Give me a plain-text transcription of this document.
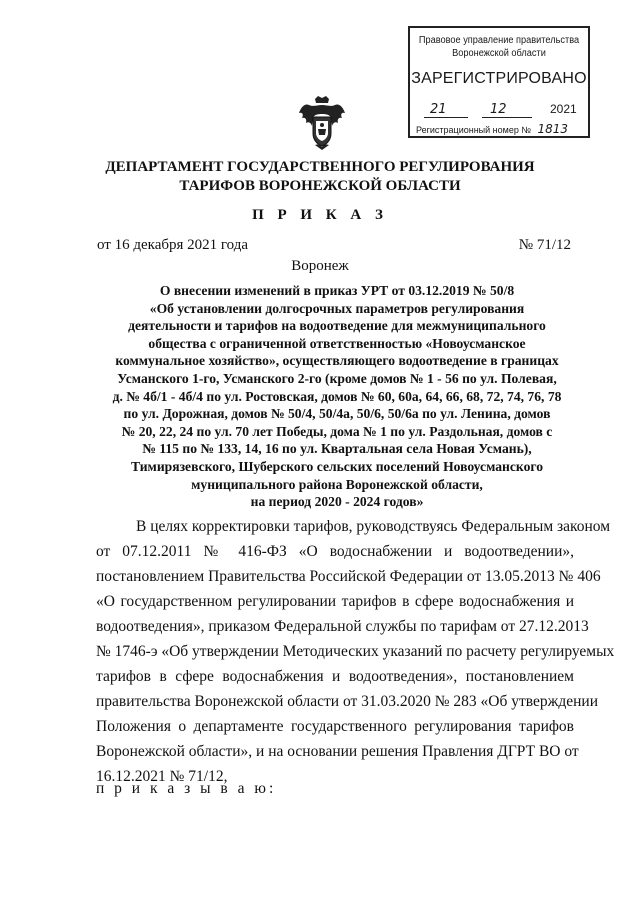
Правовое управление правительства
Воронежской области
ЗАРЕГИСТРИРОВАНО
21	12	2021
Регистрационный номер № 1813
ДЕПАРТАМЕНТ ГОСУДАРСТВЕННОГО РЕГУЛИРОВАНИЯ
ТАРИФОВ ВОРОНЕЖСКОЙ ОБЛАСТИ
П Р И К А З
от 16 декабря 2021 года	№ 71/12
Воронеж
О внесении изменений в приказ УРТ от 03.12.2019 № 50/8
«Об установлении долгосрочных параметров регулирования
деятельности и тарифов на водоотведение для межмуниципального
общества с ограниченной ответственностью «Новоусманское
коммунальное хозяйство», осуществляющего водоотведение в границах
Усманского 1-го, Усманского 2-го (кроме домов № 1 - 56 по ул. Полевая,
д. № 4б/1 - 4б/4 по ул. Ростовская, домов № 60, 60а, 64, 66, 68, 72, 74, 76, 78
по ул. Дорожная, домов № 50/4, 50/4а, 50/6, 50/6а по ул. Ленина, домов
№ 20, 22, 24 по ул. 70 лет Победы, дома № 1 по ул. Раздольная, домов с
№ 115 по № 133, 14, 16 по ул. Квартальная села Новая Усмань),
Тимирязевского, Шуберского сельских поселений Новоусманского
муниципального района Воронежской области,
на период 2020 - 2024 годов»
В целях корректировки тарифов, руководствуясь Федеральным законом
от 07.12.2011 № 416-ФЗ «О водоснабжении и водоотведении»,
постановлением Правительства Российской Федерации от 13.05.2013 № 406
«О государственном регулировании тарифов в сфере водоснабжения и
водоотведения», приказом Федеральной службы по тарифам от 27.12.2013
№ 1746-э «Об утверждении Методических указаний по расчету регулируемых
тарифов в сфере водоснабжения и водоотведения», постановлением
правительства Воронежской области от 31.03.2020 № 283 «Об утверждении
Положения о департаменте государственного регулирования тарифов
Воронежской области», и на основании решения Правления ДГРТ ВО от
16.12.2021 № 71/12,
п р и к а з ы в а ю:
